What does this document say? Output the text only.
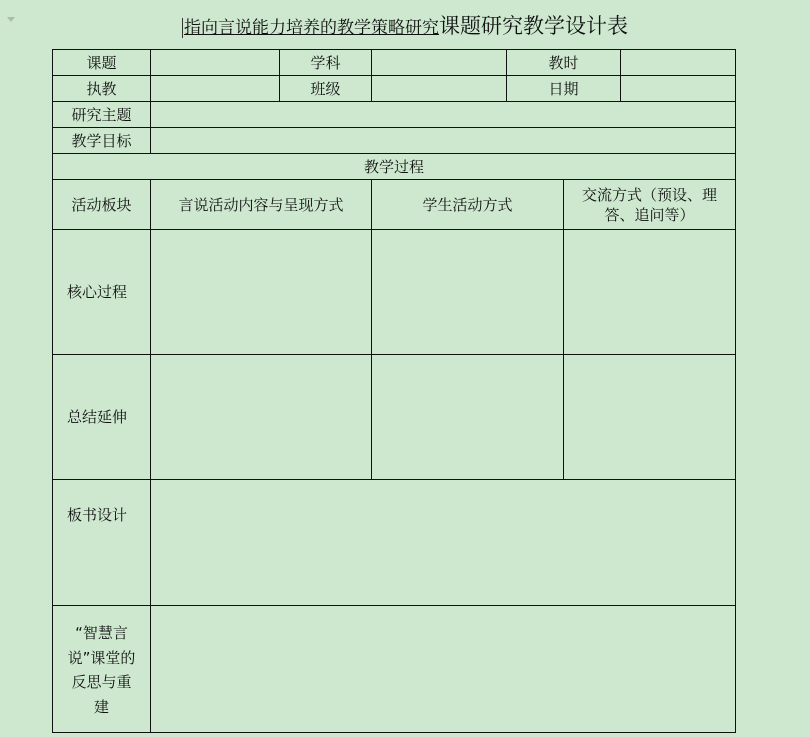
指向言说能力培养的教学策略研究课题研究教学设计表
课题		学科		教时		
执教		班级		日期		
研究主题						
教学目标						
教学过程						
活动板块	言说活动内容与呈现方式		学生活动方式		交流方式（预设、理
答、追问等）	

核心过程						
总结延伸						
板书设计						

“智慧言
说”课堂的
反思与重
建						
